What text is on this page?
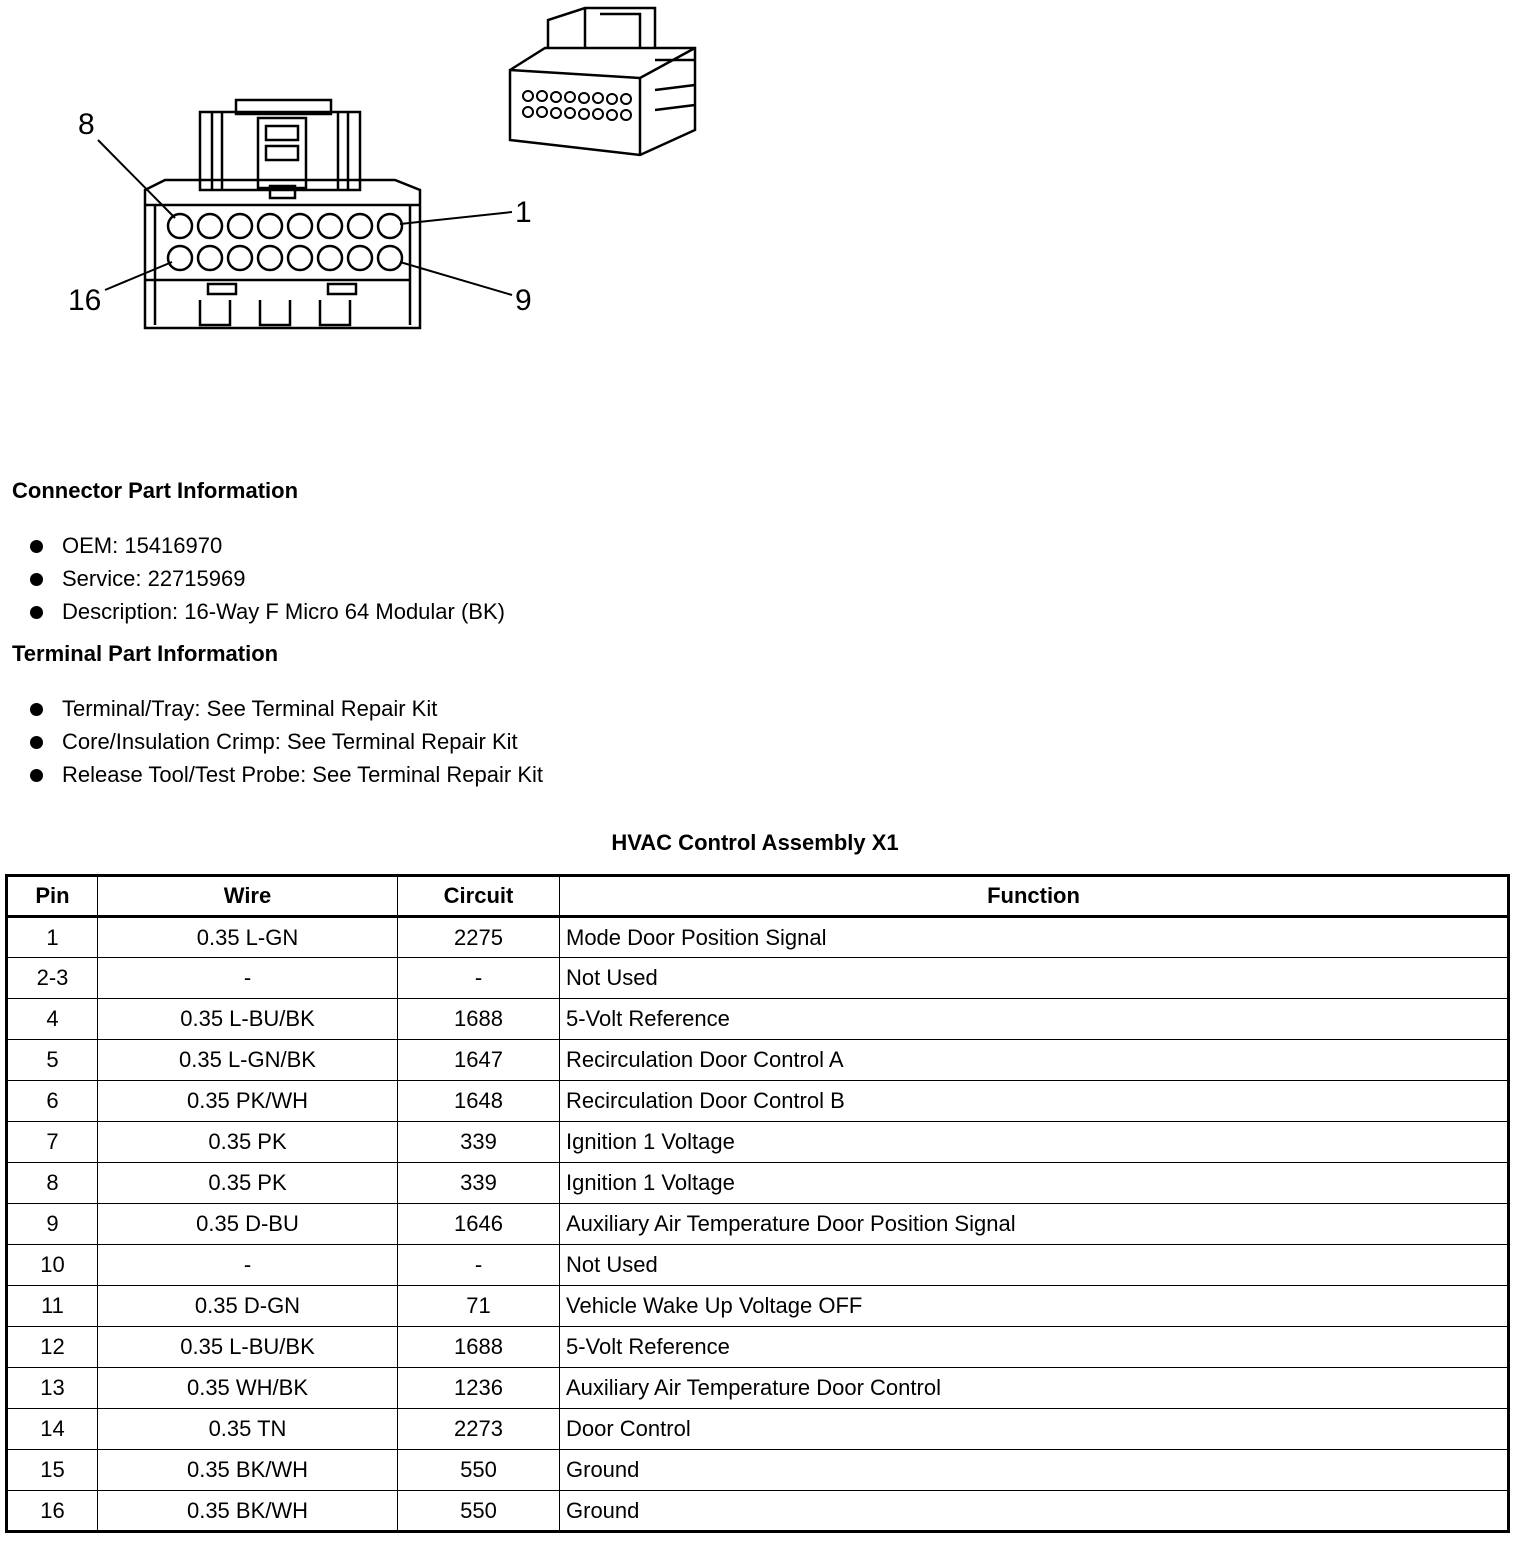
8
1
16	9
Connector Part Information
OEM: 15416970
Service: 22715969
Description: 16-Way F Micro 64 Modular (BK)
Terminal Part Information
Terminal/Tray: See Terminal Repair Kit
Core/Insulation Crimp: See Terminal Repair Kit
Release Tool/Test Probe: See Terminal Repair Kit
HVAC Control Assembly X1
Pin	Wire	Circuit	Function
1	0.35 L-GN	2275	Mode Door Position Signal
2-3	-	-	Not Used
4	0.35 L-BU/BK	1688	5-Volt Reference
5	0.35 L-GN/BK	1647	Recirculation Door Control A
6	0.35 PK/WH	1648	Recirculation Door Control B
7	0.35 PK	339	Ignition 1 Voltage
8	0.35 PK	339	Ignition 1 Voltage
9	0.35 D-BU	1646	Auxiliary Air Temperature Door Position Signal
10	-	-	Not Used
11	0.35 D-GN	71	Vehicle Wake Up Voltage OFF
12	0.35 L-BU/BK	1688	5-Volt Reference
13	0.35 WH/BK	1236	Auxiliary Air Temperature Door Control
14	0.35 TN	2273	Door Control
15	0.35 BK/WH	550	Ground
16	0.35 BK/WH	550	Ground
